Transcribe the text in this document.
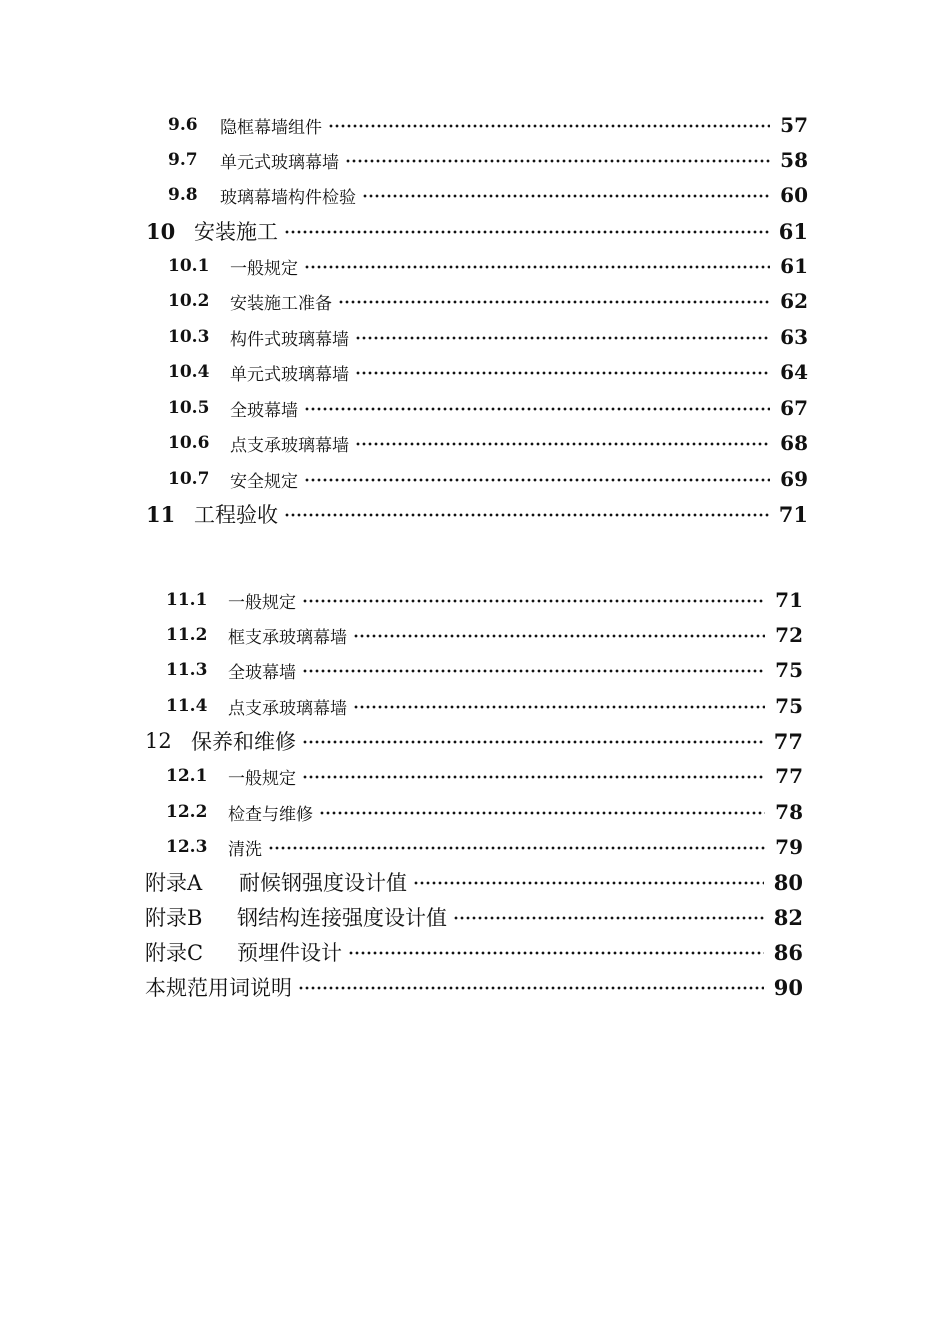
9.6	隐框幕墙组件	57
9.7	单元式玻璃幕墙	58
9.8	玻璃幕墙构件检验	60
10 安装施工	61
10.1	一般规定	61
10.2	安装施工准备	62
10.3	构件式玻璃幕墙	63
10.4	单元式玻璃幕墙	64
10.5	全玻幕墙	67
10.6	点支承玻璃幕墙	68
10.7	安全规定	69
11 工程验收	71
11.1	一般规定	71
11.2	框支承玻璃幕墙	72
11.3	全玻幕墙	75
11.4	点支承玻璃幕墙	75
12 保养和维修	77
12.1	一般规定	77
12.2	检查与维修	78
12.3	清洗	79
附录A	耐候钢强度设计值	80
附录B	钢结构连接强度设计值	82
附录C	预埋件设计	86
本规范用词说明	90
